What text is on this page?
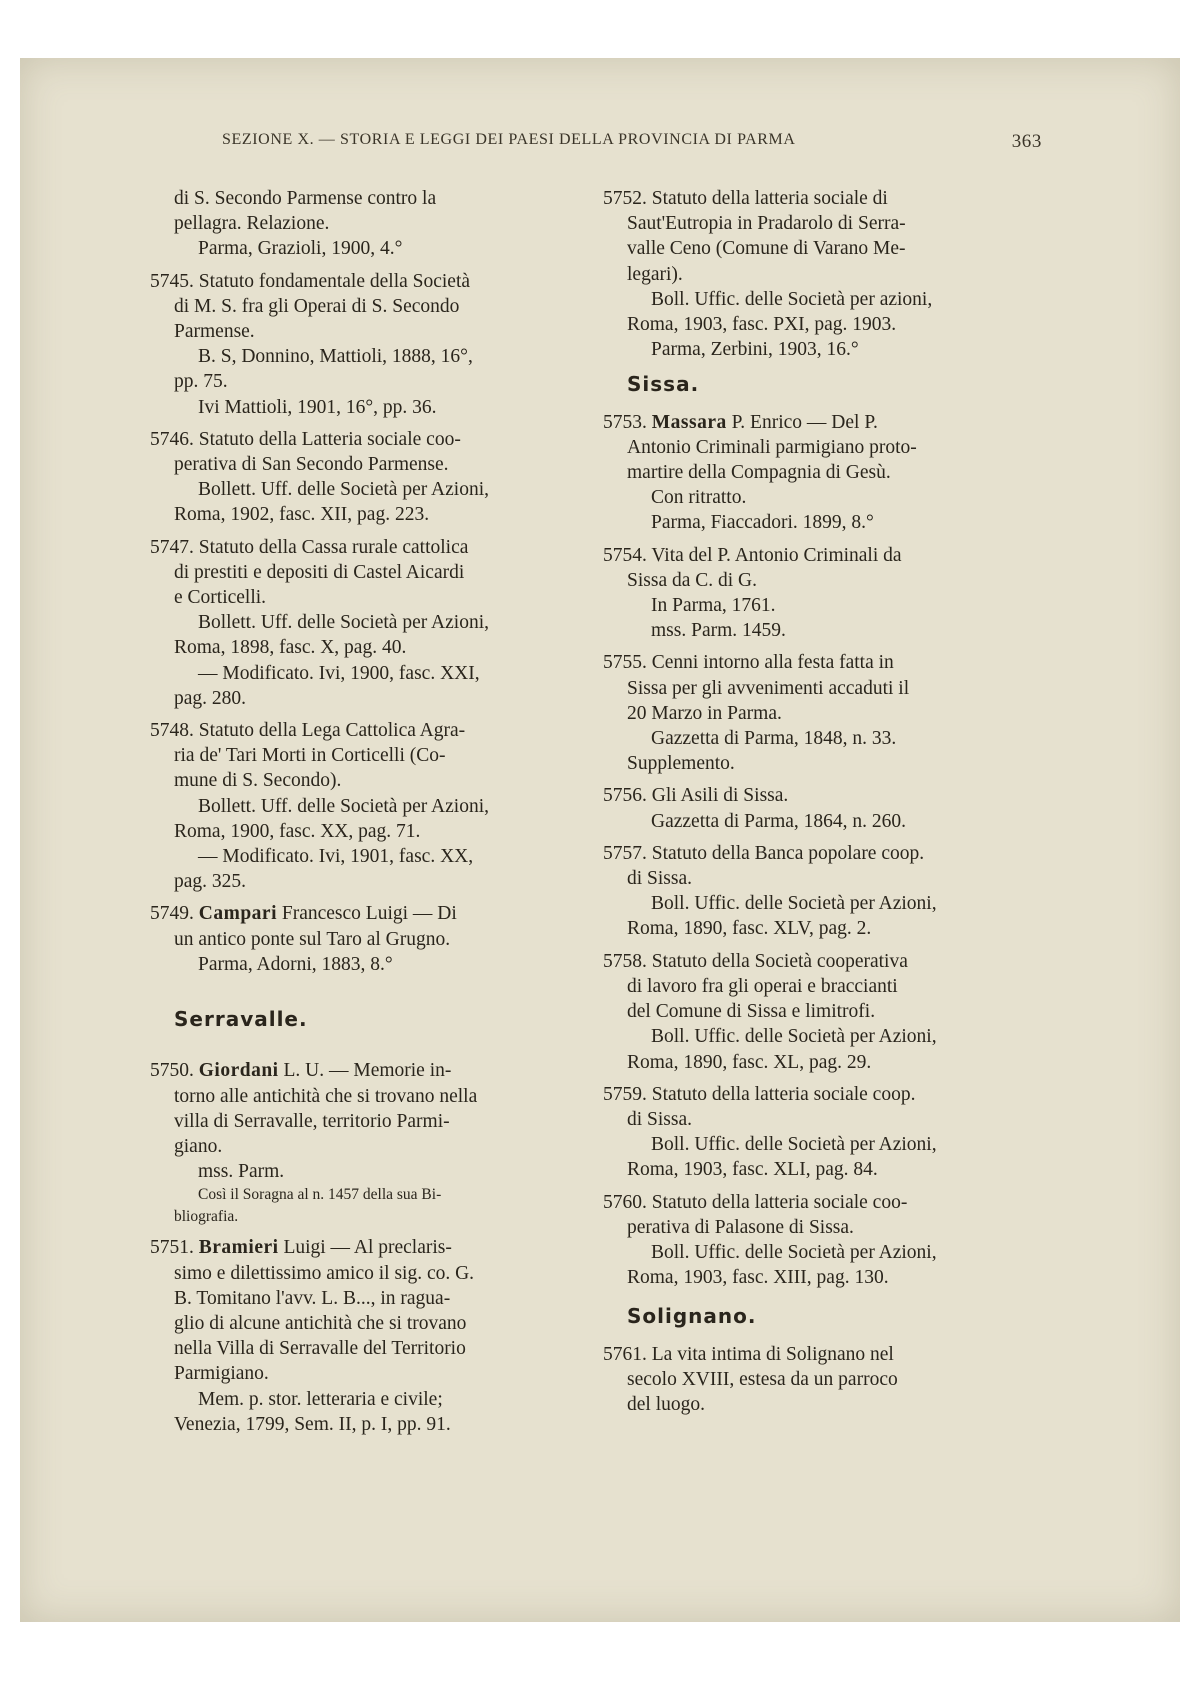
SEZIONE X. — STORIA E LEGGI DEI PAESI DELLA PROVINCIA DI PARMA	363
di S. Secondo Parmense contro la
pellagra. Relazione.
Parma, Grazioli, 1900, 4.°
5745. Statuto fondamentale della Società
di M. S. fra gli Operai di S. Secondo
Parmense.
B. S, Donnino, Mattioli, 1888, 16°,
pp. 75.
Ivi Mattioli, 1901, 16°, pp. 36.
5746. Statuto della Latteria sociale coo-
perativa di San Secondo Parmense.
Bollett. Uff. delle Società per Azioni,
Roma, 1902, fasc. XII, pag. 223.
5747. Statuto della Cassa rurale cattolica
di prestiti e depositi di Castel Aicardi
e Corticelli.
Bollett. Uff. delle Società per Azioni,
Roma, 1898, fasc. X, pag. 40.
— Modificato. Ivi, 1900, fasc. XXI,
pag. 280.
5748. Statuto della Lega Cattolica Agra-
ria de' Tari Morti in Corticelli (Co-
mune di S. Secondo).
Bollett. Uff. delle Società per Azioni,
Roma, 1900, fasc. XX, pag. 71.
— Modificato. Ivi, 1901, fasc. XX,
pag. 325.
5749. Campari Francesco Luigi — Di
un antico ponte sul Taro al Grugno.
Parma, Adorni, 1883, 8.°
Serravalle.
5750. Giordani L. U. — Memorie in-
torno alle antichità che si trovano nella
villa di Serravalle, territorio Parmi-
giano.
mss. Parm.
Così il Soragna al n. 1457 della sua Bi-
bliografia.
5751. Bramieri Luigi — Al preclaris-
simo e dilettissimo amico il sig. co. G.
B. Tomitano l'avv. L. B..., in ragua-
glio di alcune antichità che si trovano
nella Villa di Serravalle del Territorio
Parmigiano.
Mem. p. stor. letteraria e civile;
Venezia, 1799, Sem. II, p. I, pp. 91.
5752. Statuto della latteria sociale di
Saut'Eutropia in Pradarolo di Serra-
valle Ceno (Comune di Varano Me-
legari).
Boll. Uffic. delle Società per azioni,
Roma, 1903, fasc. PXI, pag. 1903.
Parma, Zerbini, 1903, 16.°
Sissa.
5753. Massara P. Enrico — Del P.
Antonio Criminali parmigiano proto-
martire della Compagnia di Gesù.
Con ritratto.
Parma, Fiaccadori. 1899, 8.°
5754. Vita del P. Antonio Criminali da
Sissa da C. di G.
In Parma, 1761.
mss. Parm. 1459.
5755. Cenni intorno alla festa fatta in
Sissa per gli avvenimenti accaduti il
20 Marzo in Parma.
Gazzetta di Parma, 1848, n. 33.
Supplemento.
5756. Gli Asili di Sissa.
Gazzetta di Parma, 1864, n. 260.
5757. Statuto della Banca popolare coop.
di Sissa.
Boll. Uffic. delle Società per Azioni,
Roma, 1890, fasc. XLV, pag. 2.
5758. Statuto della Società cooperativa
di lavoro fra gli operai e braccianti
del Comune di Sissa e limitrofi.
Boll. Uffic. delle Società per Azioni,
Roma, 1890, fasc. XL, pag. 29.
5759. Statuto della latteria sociale coop.
di Sissa.
Boll. Uffic. delle Società per Azioni,
Roma, 1903, fasc. XLI, pag. 84.
5760. Statuto della latteria sociale coo-
perativa di Palasone di Sissa.
Boll. Uffic. delle Società per Azioni,
Roma, 1903, fasc. XIII, pag. 130.
Solignano.
5761. La vita intima di Solignano nel
secolo XVIII, estesa da un parroco
del luogo.
